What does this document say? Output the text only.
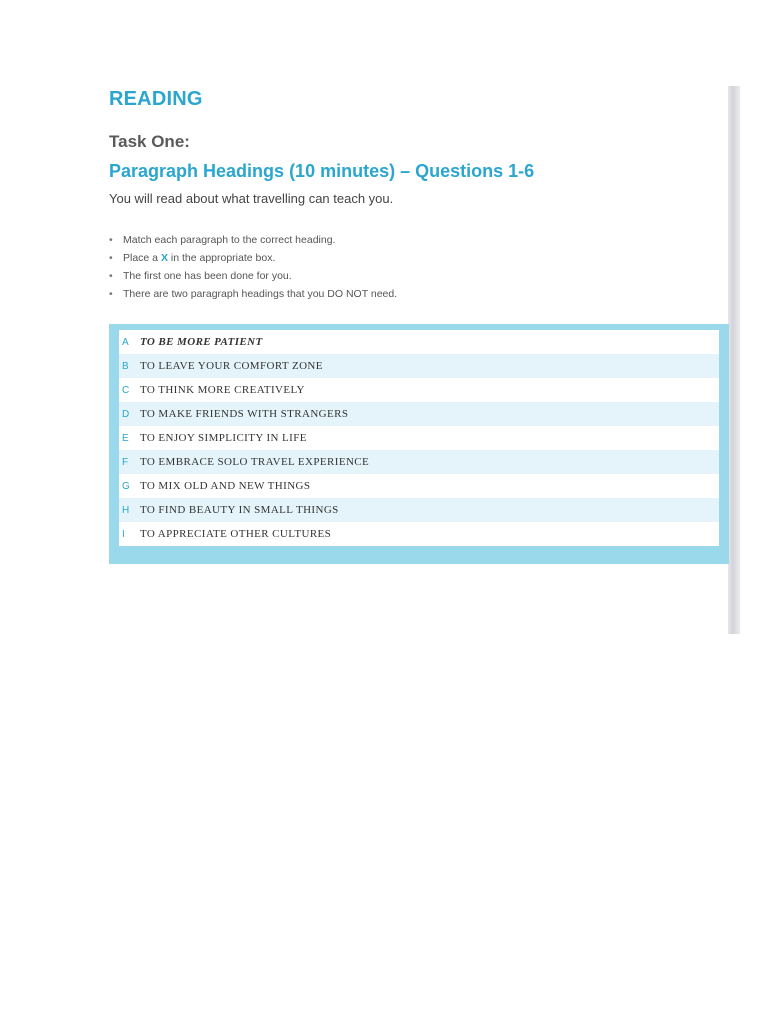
READING
Task One:
Paragraph Headings (10 minutes) – Questions 1-6

You will read about what travelling can teach you.

• Match each paragraph to the correct heading.
• Place a X in the appropriate box.
• The first one has been done for you.
• There are two paragraph headings that you DO NOT need.
A TO BE MORE PATIENT
B TO LEAVE YOUR COMFORT ZONE
C TO THINK MORE CREATIVELY
D TO MAKE FRIENDS WITH STRANGERS
E TO ENJOY SIMPLICITY IN LIFE
F TO EMBRACE SOLO TRAVEL EXPERIENCE
G TO MIX OLD AND NEW THINGS
H TO FIND BEAUTY IN SMALL THINGS
I TO APPRECIATE OTHER CULTURES
